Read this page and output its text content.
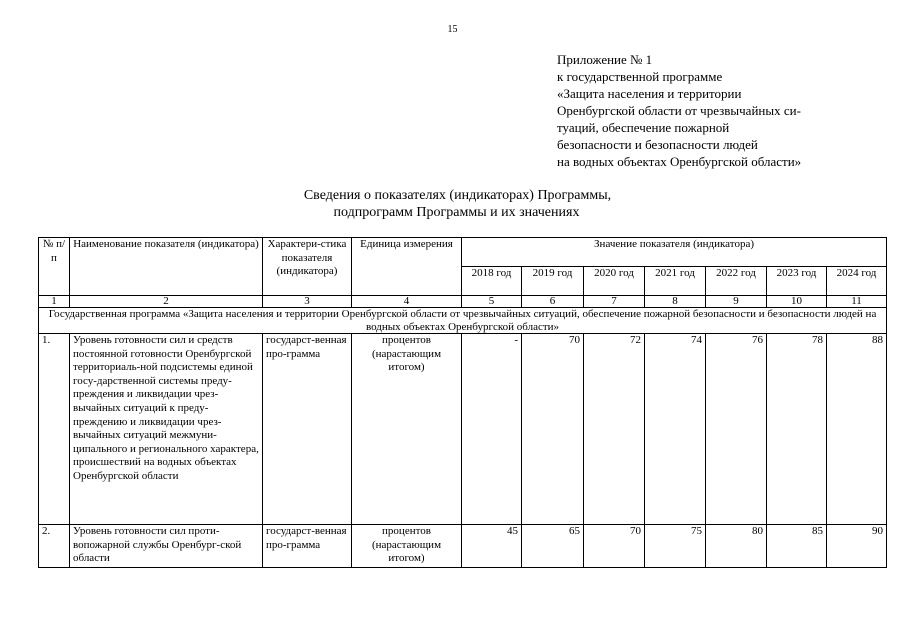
15
Приложение № 1
к государственной программе
«Защита населения и территории
Оренбургской области от чрезвычайных си-
туаций, обеспечение пожарной
безопасности и безопасности людей
на водных объектах Оренбургской области»
Сведения о показателях (индикаторах) Программы,
подпрограмм Программы и их значениях
№ п/п	Наименование показателя (индикатора)	Характери-стика показателя (индикатора)	Единица измерения	Значение показателя (индикатора)						
				2018 год	2019 год	2020 год	2021 год	2022 год	2023 год	2024 год
1	2	3	4	5	6	7	8	9	10	11
Государственная программа «Защита населения и территории Оренбургской области от чрезвычайных ситуаций, обеспечение пожарной безопасности и безопасности людей на водных объектах Оренбургской области»										
1.	Уровень готовности сил и средств постоянной готовности Оренбургской территориаль-ной подсистемы единой госу-дарственной системы преду-преждения и ликвидации чрез-вычайных ситуаций к преду-преждению и ликвидации чрез-вычайных ситуаций межмуни-ципального и регионального характера, происшествий на водных объектах Оренбургской области	государст-венная про-грамма	процентов (нарастающим итогом)	-	70	72	74	76	78	88
2.	Уровень готовности сил проти-вопожарной службы Оренбург-ской области	государст-венная про-грамма	процентов (нарастающим итогом)	45	65	70	75	80	85	90
